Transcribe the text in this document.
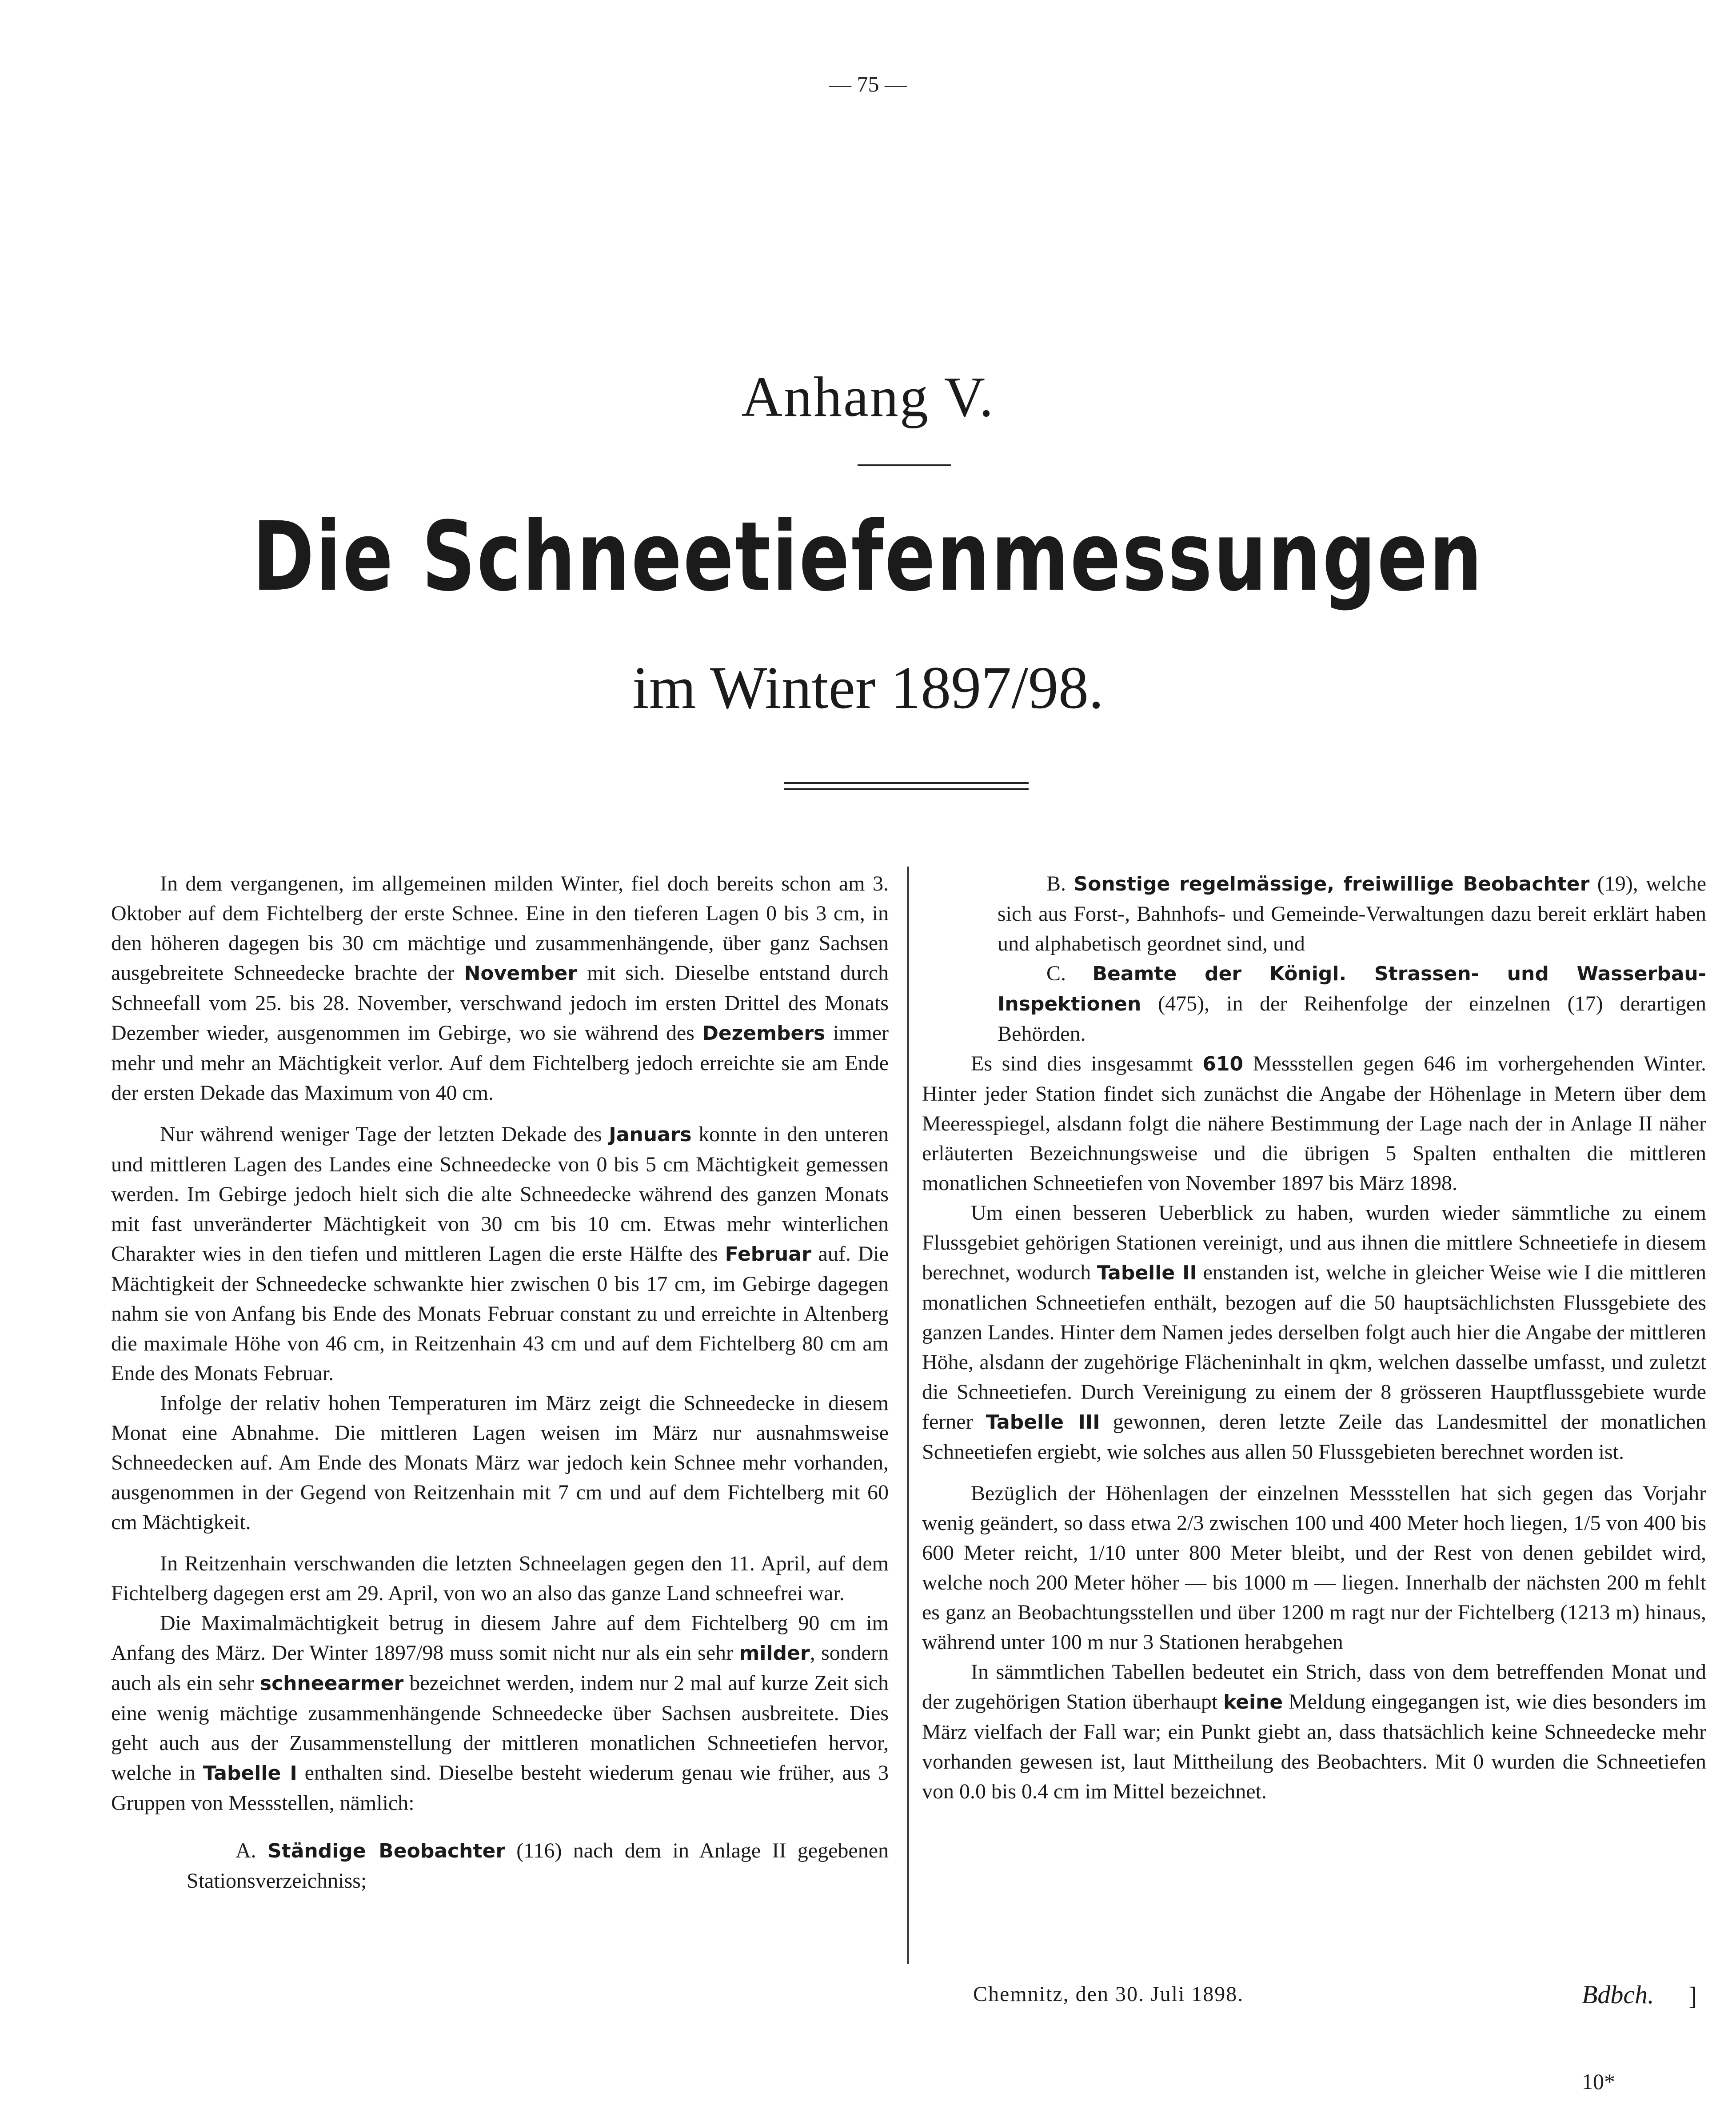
— 75 —
Anhang V.
Die Schneetiefenmessungen
im Winter 1897/98.

In dem vergangenen, im allgemeinen milden Winter, fiel doch bereits schon am 3. Oktober auf dem Fichtelberg der erste Schnee. Eine in den tieferen Lagen 0 bis 3 cm, in den höheren dagegen bis 30 cm mächtige und zusammenhängende, über ganz Sachsen ausgebreitete Schneedecke brachte der November mit sich. Dieselbe entstand durch Schneefall vom 25. bis 28. November, verschwand jedoch im ersten Drittel des Monats Dezember wieder, ausgenommen im Gebirge, wo sie während des Dezembers immer mehr und mehr an Mächtigkeit verlor. Auf dem Fichtelberg jedoch erreichte sie am Ende der ersten Dekade das Maximum von 40 cm.

Nur während weniger Tage der letzten Dekade des Januars konnte in den unteren und mittleren Lagen des Landes eine Schneedecke von 0 bis 5 cm Mächtigkeit gemessen werden. Im Gebirge jedoch hielt sich die alte Schneedecke während des ganzen Monats mit fast unveränderter Mächtigkeit von 30 cm bis 10 cm. Etwas mehr winterlichen Charakter wies in den tiefen und mittleren Lagen die erste Hälfte des Februar auf. Die Mächtigkeit der Schneedecke schwankte hier zwischen 0 bis 17 cm, im Gebirge dagegen nahm sie von Anfang bis Ende des Monats Februar constant zu und erreichte in Altenberg die maximale Höhe von 46 cm, in Reitzenhain 43 cm und auf dem Fichtelberg 80 cm am Ende des Monats Februar.

Infolge der relativ hohen Temperaturen im März zeigt die Schneedecke in diesem Monat eine Abnahme. Die mittleren Lagen weisen im März nur ausnahmsweise Schneedecken auf. Am Ende des Monats März war jedoch kein Schnee mehr vorhanden, ausgenommen in der Gegend von Reitzenhain mit 7 cm und auf dem Fichtelberg mit 60 cm Mächtigkeit.

In Reitzenhain verschwanden die letzten Schneelagen gegen den 11. April, auf dem Fichtelberg dagegen erst am 29. April, von wo an also das ganze Land schneefrei war.

Die Maximalmächtigkeit betrug in diesem Jahre auf dem Fichtelberg 90 cm im Anfang des März. Der Winter 1897/98 muss somit nicht nur als ein sehr milder, sondern auch als ein sehr schneearmer bezeichnet werden, indem nur 2 mal auf kurze Zeit sich eine wenig mächtige zusammenhängende Schneedecke über Sachsen ausbreitete. Dies geht auch aus der Zusammenstellung der mittleren monatlichen Schneetiefen hervor, welche in Tabelle I enthalten sind. Dieselbe besteht wiederum genau wie früher, aus 3 Gruppen von Messstellen, nämlich:

A. Ständige Beobachter (116) nach dem in Anlage II gegebenen Stationsverzeichniss;

B. Sonstige regelmässige, freiwillige Beobachter (19), welche sich aus Forst-, Bahnhofs- und Gemeinde-Verwaltungen dazu bereit erklärt haben und alphabetisch geordnet sind, und

C. Beamte der Königl. Strassen- und Wasserbau-Inspektionen (475), in der Reihenfolge der einzelnen (17) derartigen Behörden.

Es sind dies insgesammt 610 Messstellen gegen 646 im vorhergehenden Winter. Hinter jeder Station findet sich zunächst die Angabe der Höhenlage in Metern über dem Meeresspiegel, alsdann folgt die nähere Bestimmung der Lage nach der in Anlage II näher erläuterten Bezeichnungsweise und die übrigen 5 Spalten enthalten die mittleren monatlichen Schneetiefen von November 1897 bis März 1898.

Um einen besseren Ueberblick zu haben, wurden wieder sämmtliche zu einem Flussgebiet gehörigen Stationen vereinigt, und aus ihnen die mittlere Schneetiefe in diesem berechnet, wodurch Tabelle II enstanden ist, welche in gleicher Weise wie I die mittleren monatlichen Schneetiefen enthält, bezogen auf die 50 hauptsächlichsten Flussgebiete des ganzen Landes. Hinter dem Namen jedes derselben folgt auch hier die Angabe der mittleren Höhe, alsdann der zugehörige Flächeninhalt in qkm, welchen dasselbe umfasst, und zuletzt die Schneetiefen. Durch Vereinigung zu einem der 8 grösseren Hauptflussgebiete wurde ferner Tabelle III gewonnen, deren letzte Zeile das Landesmittel der monatlichen Schneetiefen ergiebt, wie solches aus allen 50 Flussgebieten berechnet worden ist.

Bezüglich der Höhenlagen der einzelnen Messstellen hat sich gegen das Vorjahr wenig geändert, so dass etwa 2/3 zwischen 100 und 400 Meter hoch liegen, 1/5 von 400 bis 600 Meter reicht, 1/10 unter 800 Meter bleibt, und der Rest von denen gebildet wird, welche noch 200 Meter höher — bis 1000 m — liegen. Innerhalb der nächsten 200 m fehlt es ganz an Beobachtungsstellen und über 1200 m ragt nur der Fichtelberg (1213 m) hinaus, während unter 100 m nur 3 Stationen herabgehen

In sämmtlichen Tabellen bedeutet ein Strich, dass von dem betreffenden Monat und der zugehörigen Station überhaupt keine Meldung eingegangen ist, wie dies besonders im März vielfach der Fall war; ein Punkt giebt an, dass thatsächlich keine Schneedecke mehr vorhanden gewesen ist, laut Mittheilung des Beobachters. Mit 0 wurden die Schneetiefen von 0.0 bis 0.4 cm im Mittel bezeichnet.

Chemnitz, den 30. Juli 1898.	Bdbch. ]
10*
